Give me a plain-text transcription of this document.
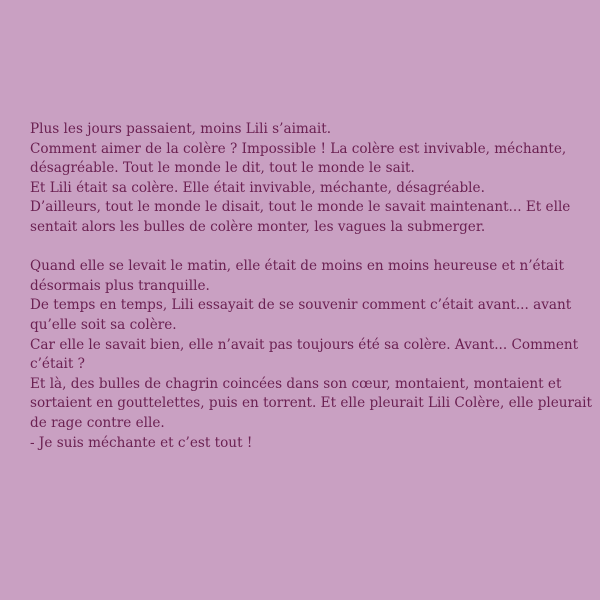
Plus les jours passaient, moins Lili s’aimait.
Comment aimer de la colère ? Impossible ! La colère est invivable, méchante,
désagréable. Tout le monde le dit, tout le monde le sait.
Et Lili était sa colère. Elle était invivable, méchante, désagréable.
D’ailleurs, tout le monde le disait, tout le monde le savait maintenant... Et elle
sentait alors les bulles de colère monter, les vagues la submerger.

Quand elle se levait le matin, elle était de moins en moins heureuse et n’était
désormais plus tranquille.
De temps en temps, Lili essayait de se souvenir comment c’était avant... avant
qu’elle soit sa colère.
Car elle le savait bien, elle n’avait pas toujours été sa colère. Avant... Comment
c’était ?
Et là, des bulles de chagrin coincées dans son cœur, montaient, montaient et
sortaient en gouttelettes, puis en torrent. Et elle pleurait Lili Colère, elle pleurait
de rage contre elle.
- Je suis méchante et c’est tout !
